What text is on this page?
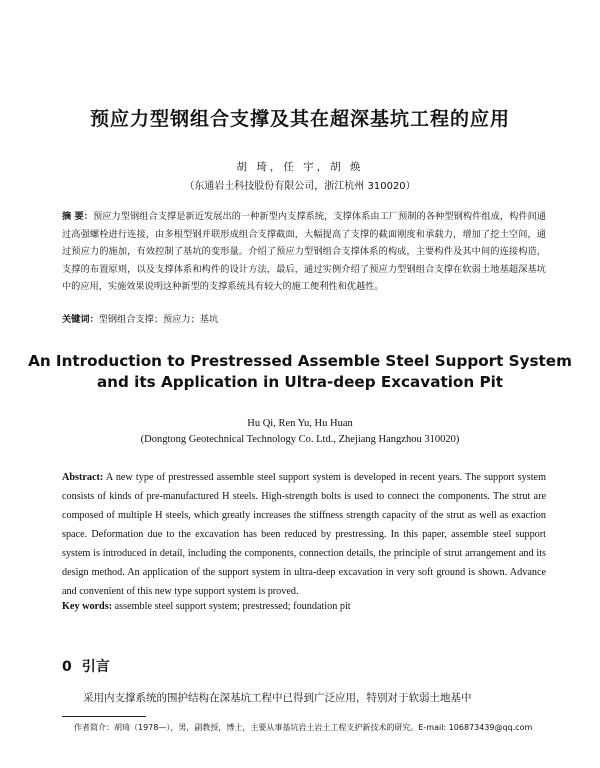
预应力型钢组合支撑及其在超深基坑工程的应用
胡 琦，任 宇，胡 焕
（东通岩土科技股份有限公司，浙江杭州 310020）

摘 要：预应力型钢组合支撑是新近发展出的一种新型内支撑系统，支撑体系由工厂预制的各种型钢构件组成，构件间通过高强螺栓进行连接，由多根型钢并联形成组合支撑截面，大幅提高了支撑的截面刚度和承载力，增加了挖土空间，通过预应力的施加，有效控制了基坑的变形量。介绍了预应力型钢组合支撑体系的构成，主要构件及其中间的连接构造，支撑的布置原则，以及支撑体系和构件的设计方法，最后，通过实例介绍了预应力型钢组合支撑在软弱土地基超深基坑中的应用，实施效果说明这种新型的支撑系统具有较大的施工便利性和优越性。

关键词：型钢组合支撑；预应力；基坑

An Introduction to Prestressed Assemble Steel Support System
and its Application in Ultra-deep Excavation Pit
Hu Qi, Ren Yu, Hu Huan
(Dongtong Geotechnical Technology Co. Ltd., Zhejiang Hangzhou 310020)

Abstract: A new type of prestressed assemble steel support system is developed in recent years. The support system consists of kinds of pre-manufactured H steels. High-strength bolts is used to connect the components. The strut are composed of multiple H steels, which greatly increases the stiffness strength capacity of the strut as well as exaction space. Deformation due to the excavation has been reduced by prestressing. In this paper, assemble steel support system is introduced in detail, including the components, connection details, the principle of strut arrangement and its design method. An application of the support system in ultra-deep excavation in very soft ground is shown. Advance and convenient of this new type support system is proved.

Key words: assemble steel support system; prestressed; foundation pit

0 引言

采用内支撑系统的围护结构在深基坑工程中已得到广泛应用，特别对于软弱土地基中

作者简介：胡琦（1978—），男，副教授，博士，主要从事基坑岩土岩土工程支护新技术的研究。E-mail: 106873439@qq.com
